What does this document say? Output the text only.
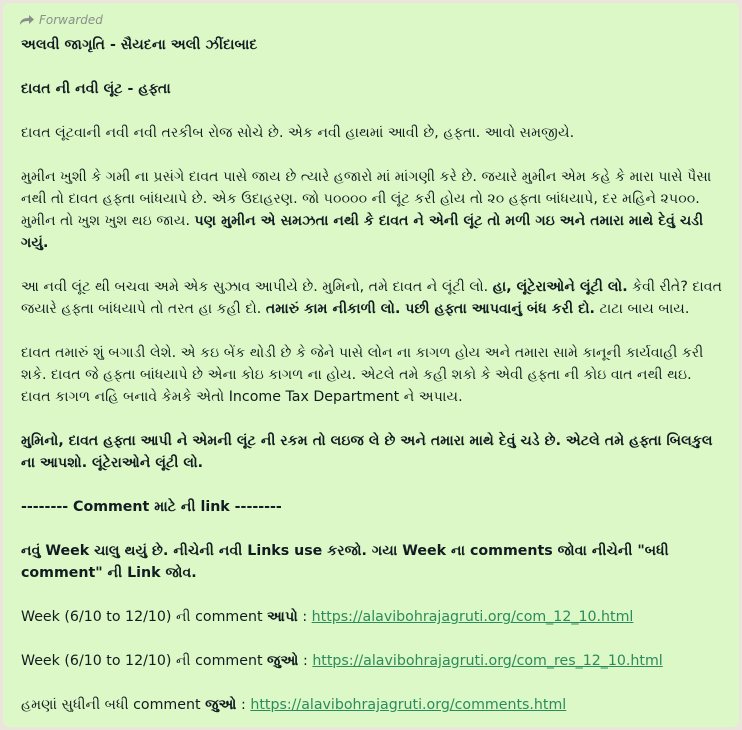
Forwarded

અલવી જાગૃતિ - સૈયદના અલી ઝીંદાબાદ

દાવત ની નવી લૂંટ - હફ્તા

દાવત લૂંટવાની નવી નવી તરકીબ રોજ સોચે છે. એક નવી હાથમાં આવી છે, હફ્તા. આવો સમજીયે.

મુમીન ખુશી કે ગમી ના પ્રસંગે દાવત પાસે જાય છે ત્યારે હજારો માં માંગણી કરે છે. જયારે મુમીન એમ કહે કે મારા પાસે પૈસા નથી તો દાવત હફ્તા બાંધયાપે છે. એક ઉદાહરણ. જો ૫૦૦૦૦ ની લૂંટ કરી હોય તો ૨૦ હફ્તા બાંધયાપે, દર મહિને ૨૫૦૦. મુમીન તો ખુશ ખુશ થઇ જાય. પણ મુમીન એ સમઝતા નથી કે દાવત ને એની લૂંટ તો મળી ગઇ અને તમારા માથે દેવું ચડી ગયું.

આ નવી લૂંટ થી બચવા અમે એક સુઝાવ આપીયે છે. મુમિનો, તમે દાવત ને લૂંટી લો. હા, લૂંટેરાઓને લૂંટી લો. કેવી રીતે? દાવત જયારે હફ્તા બાંધયાપે તો તરત હા કહી દો. તમારું કામ નીકાળી લો. પછી હફ્તા આપવાનું બંધ કરી દો. ટાટા બાય બાય.

દાવત તમારું શું બગાડી લેશે. એ કઇ બેંક થોડી છે કે જેને પાસે લોન ના કાગળ હોય અને તમારા સામે કાનૂની કાર્યવાહી કરી શકે. દાવત જે હફ્તા બાંધયાપે છે એના કોઇ કાગળ ના હોય. એટલે તમે કહી શકો કે એવી હફ્તા ની કોઇ વાત નથી થઇ. દાવત કાગળ નહિ બનાવે કેમકે એતો Income Tax Department ને અપાય.

મુમિનો, દાવત હફ્તા આપી ને એમની લૂંટ ની રકમ તો લઇજ લે છે અને તમારા માથે દેવું ચડે છે. એટલે તમે હફ્તા બિલકુલ ના આપશો. લૂંટેરાઓને લૂંટી લો.

-------- Comment માટે ની link --------

નવું Week ચાલુ થયું છે. નીચેની નવી Links use કરજો. ગયા Week ના comments જોવા નીચેની "બધી comment" ની Link જોવ.

Week (6/10 to 12/10) ની comment આપો : https://alavibohrajagruti.org/com_12_10.html

Week (6/10 to 12/10) ની comment જુઓ : https://alavibohrajagruti.org/com_res_12_10.html

હમણાં સુધીની બધી comment જુઓ : https://alavibohrajagruti.org/comments.html
